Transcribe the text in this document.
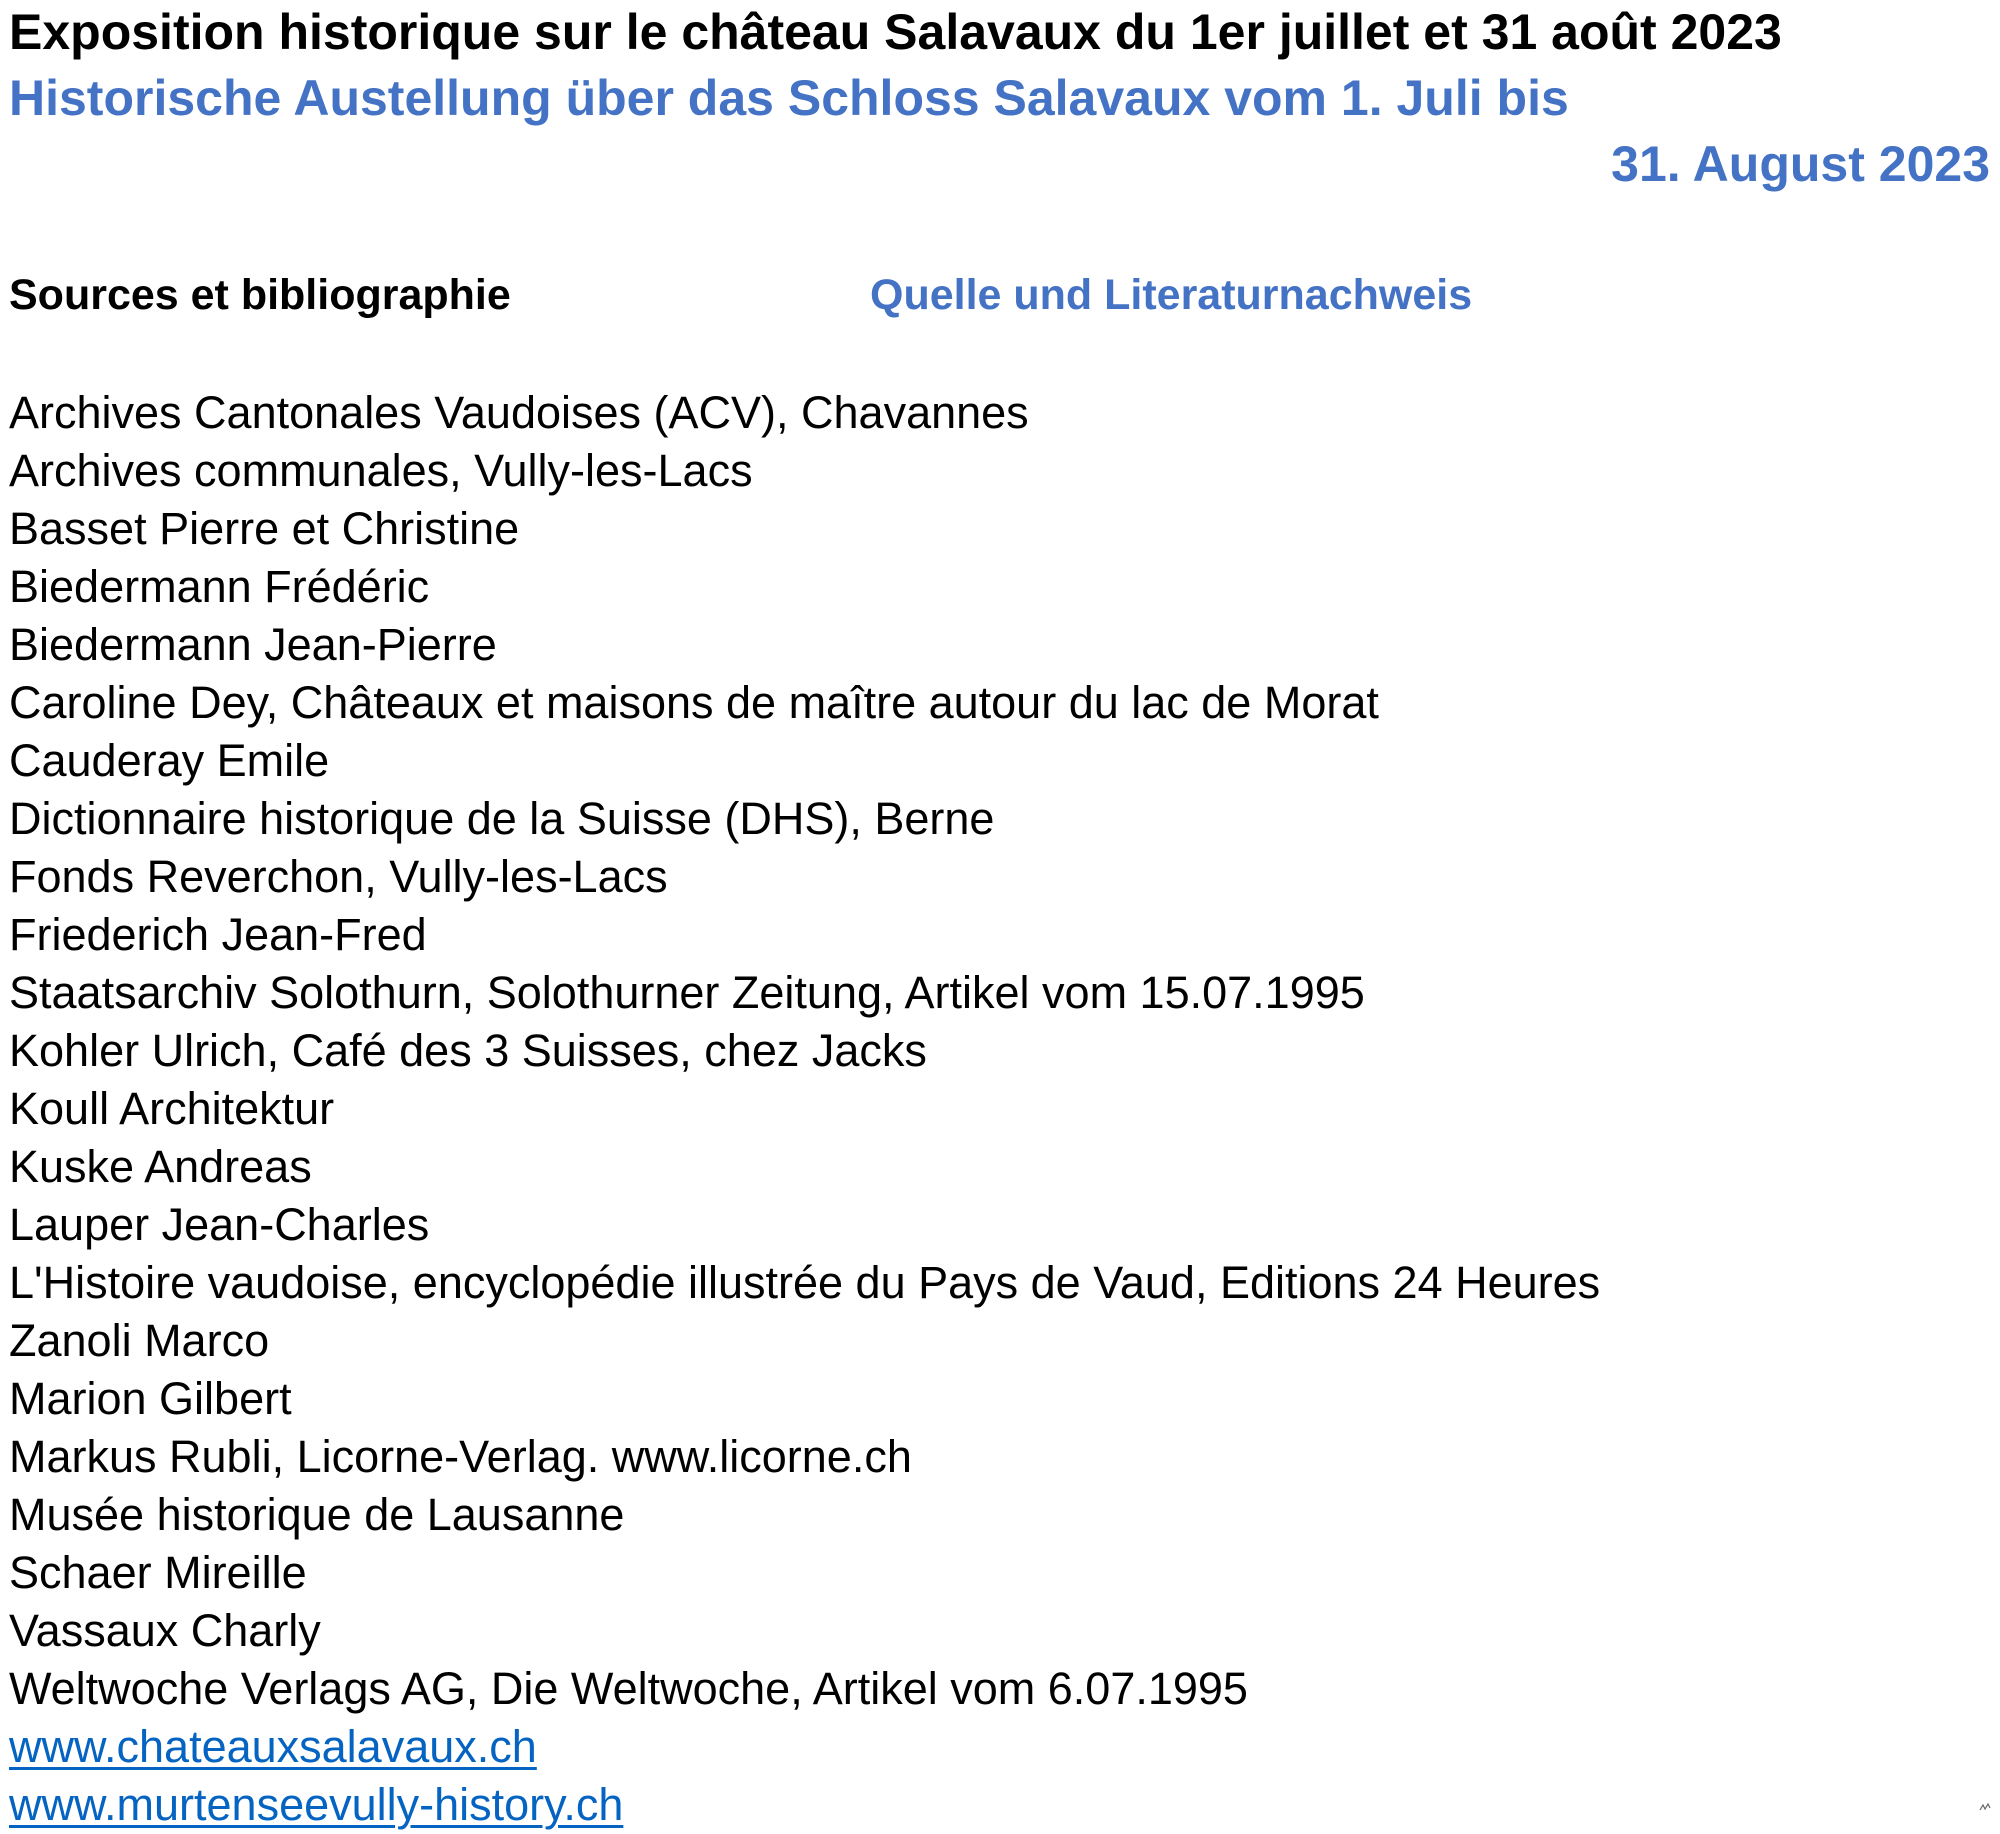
Exposition historique sur le château Salavaux du 1er juillet et 31 août 2023
Historische Austellung über das Schloss Salavaux vom 1. Juli bis
31. August 2023
Sources et bibliographie	Quelle und Literaturnachweis
Archives Cantonales Vaudoises (ACV), Chavannes
Archives communales, Vully-les-Lacs
Basset Pierre et Christine
Biedermann Frédéric
Biedermann Jean-Pierre
Caroline Dey, Châteaux et maisons de maître autour du lac de Morat
Cauderay Emile
Dictionnaire historique de la Suisse (DHS), Berne
Fonds Reverchon, Vully-les-Lacs
Friederich Jean-Fred
Staatsarchiv Solothurn, Solothurner Zeitung, Artikel vom 15.07.1995
Kohler Ulrich, Café des 3 Suisses, chez Jacks
Koull Architektur
Kuske Andreas
Lauper Jean-Charles
L'Histoire vaudoise, encyclopédie illustrée du Pays de Vaud, Editions 24 Heures
Zanoli Marco
Marion Gilbert
Markus Rubli, Licorne-Verlag. www.licorne.ch
Musée historique de Lausanne
Schaer Mireille
Vassaux Charly
Weltwoche Verlags AG, Die Weltwoche, Artikel vom 6.07.1995
www.chateauxsalavaux.ch
www.murtenseevully-history.ch
